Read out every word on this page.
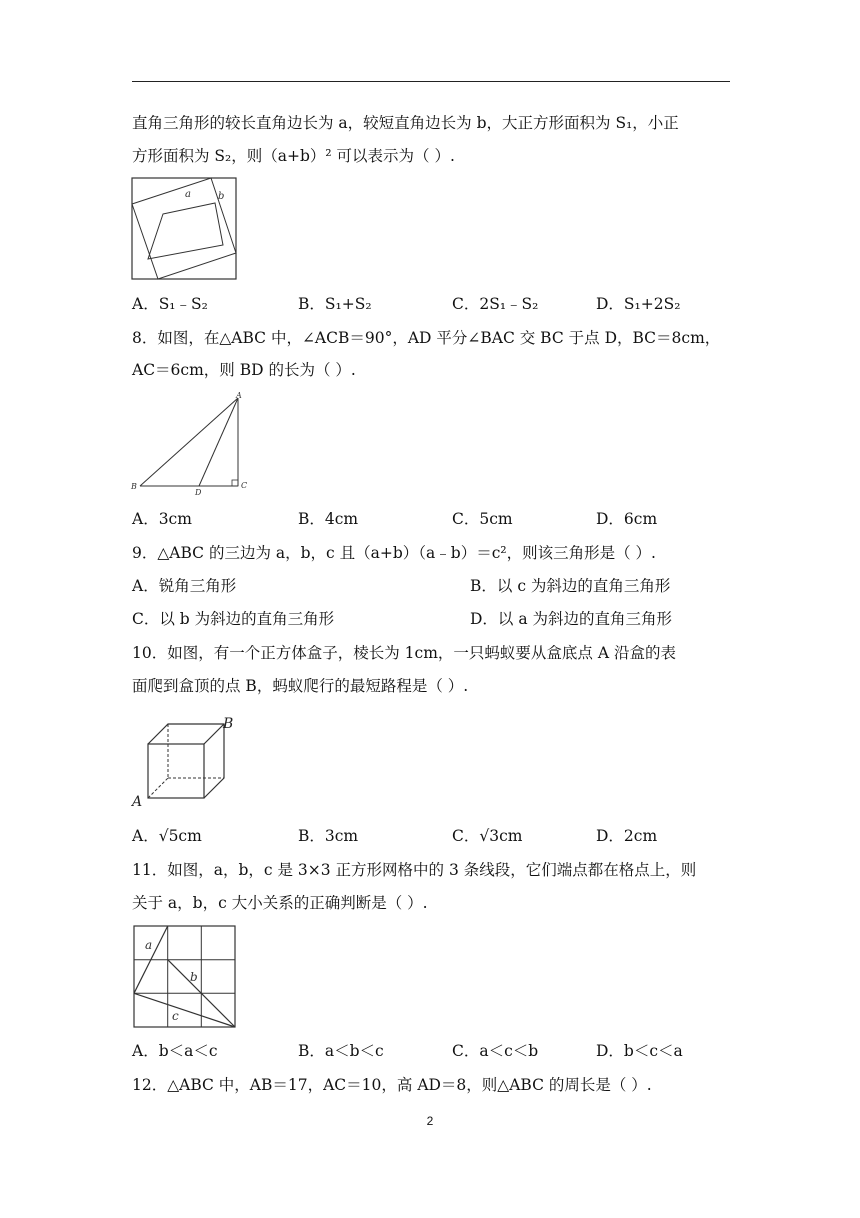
直角三角形的较长直角边长为 a，较短直角边长为 b，大正方形面积为 S₁，小正
方形面积为 S₂，则（a+b）² 可以表示为（ ）.
a	b
A．S₁﹣S₂	B．S₁+S₂	C．2S₁﹣S₂	D．S₁+2S₂
8．如图，在△ABC 中，∠ACB＝90°，AD 平分∠BAC 交 BC 于点 D，BC＝8cm，
AC＝6cm，则 BD 的长为（ ）.
A
B	C
D
A．3cm	B．4cm	C．5cm	D．6cm
9．△ABC 的三边为 a，b，c 且（a+b）（a﹣b）＝c²，则该三角形是（ ）.
A．锐角三角形	B．以 c 为斜边的直角三角形
C．以 b 为斜边的直角三角形	D．以 a 为斜边的直角三角形
10．如图，有一个正方体盒子，棱长为 1cm，一只蚂蚁要从盒底点 A 沿盒的表
面爬到盒顶的点 B，蚂蚁爬行的最短路程是（ ）.
A
B
A．√5cm	B．3cm	C．√3cm	D．2cm
11．如图，a，b，c 是 3×3 正方形网格中的 3 条线段，它们端点都在格点上，则
关于 a，b，c 大小关系的正确判断是（ ）.
a
b
c
A．b＜a＜c	B．a＜b＜c	C．a＜c＜b	D．b＜c＜a
12．△ABC 中，AB＝17，AC＝10，高 AD＝8，则△ABC 的周长是（ ）.
2
